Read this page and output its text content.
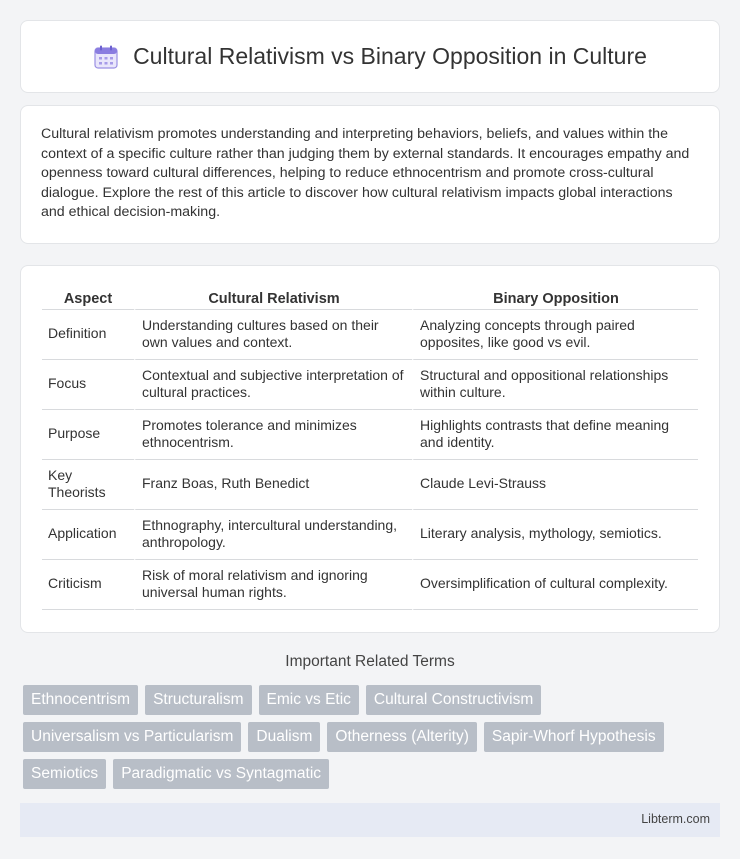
Cultural Relativism vs Binary Opposition in Culture

Cultural relativism promotes understanding and interpreting behaviors, beliefs, and values within the context of a specific culture rather than judging them by external standards. It encourages empathy and openness toward cultural differences, helping to reduce ethnocentrism and promote cross-cultural dialogue. Explore the rest of this article to discover how cultural relativism impacts global interactions and ethical decision-making.

Aspect	Cultural Relativism	Binary Opposition
Definition	Understanding cultures based on their own values and context.	Analyzing concepts through paired opposites, like good vs evil.
Focus	Contextual and subjective interpretation of cultural practices.	Structural and oppositional relationships within culture.
Purpose	Promotes tolerance and minimizes ethnocentrism.	Highlights contrasts that define meaning and identity.
Key Theorists	Franz Boas, Ruth Benedict	Claude Levi-Strauss
Application	Ethnography, intercultural understanding, anthropology.	Literary analysis, mythology, semiotics.
Criticism	Risk of moral relativism and ignoring universal human rights.	Oversimplification of cultural complexity.
Important Related Terms
Ethnocentrism	Structuralism	Emic vs Etic	Cultural Constructivism
Universalism vs Particularism	Dualism	Otherness (Alterity)	Sapir-Whorf Hypothesis
Semiotics	Paradigmatic vs Syntagmatic
Libterm.com
